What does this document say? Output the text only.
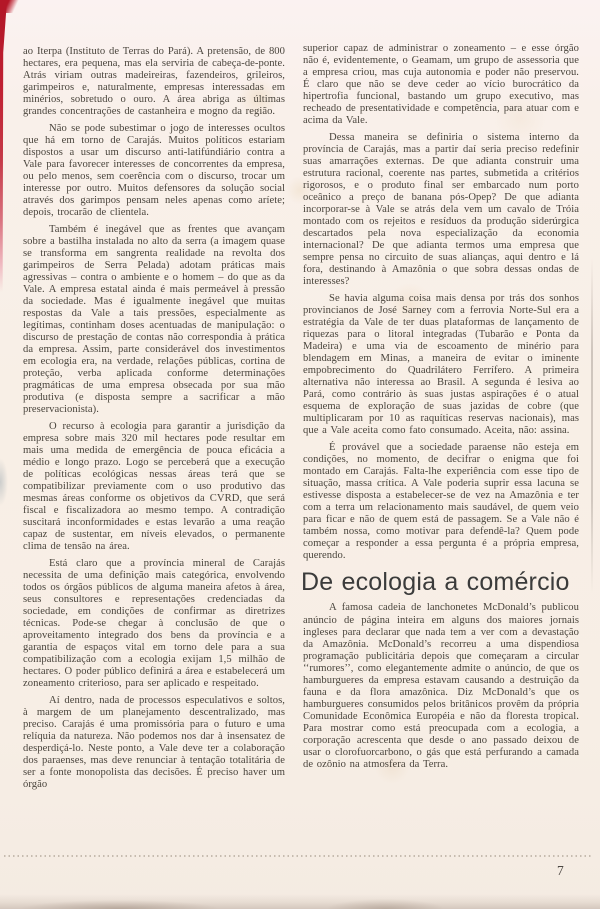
ao Iterpa (Instituto de Terras do Pará). A pretensão, de 800 hectares, era pequena, mas ela serviria de cabeça-de-ponte. Atrás viriam outras madeireiras, fazendeiros, grileiros, garimpeiros e, naturalmente, empresas interessadas em minérios, sobretudo o ouro. A área abriga as últimas grandes concentrações de castanheira e mogno da região.

Não se pode subestimar o jogo de interesses ocultos que há em torno de Carajás. Muitos políticos estariam dispostos a usar um discurso anti-latifúndiário contra a Vale para favorecer interesses de concorrentes da empresa, ou pelo menos, sem coerência com o discurso, trocar um interesse por outro. Muitos defensores da solução social através dos garimpos pensam neles apenas como aríete; depois, trocarão de clientela.

Também é inegável que as frentes que avançam sobre a bastilha instalada no alto da serra (a imagem quase se transforma em sangrenta realidade na revolta dos garimpeiros de Serra Pelada) adotam práticas mais agressivas – contra o ambiente e o homem – do que as da Vale. A empresa estatal ainda é mais permeável à pressão da sociedade. Mas é igualmente inegável que muitas respostas da Vale a tais pressões, especialmente as legítimas, continham doses acentuadas de manipulação: o discurso de prestação de contas não correspondia à prática da empresa. Assim, parte considerável dos investimentos em ecologia era, na verdade, relações públicas, cortina de proteção, verba aplicada conforme determinações pragmáticas de uma empresa obsecada por sua mão produtiva (e disposta sempre a sacrificar a mão preservacionista).

O recurso à ecologia para garantir a jurisdição da empresa sobre mais 320 mil hectares pode resultar em mais uma medida de emergência de pouca eficácia a médio e longo prazo. Logo se perceberá que a execução de políticas ecológicas nessas áreas terá que se compatibilizar previamente com o uso produtivo das mesmas áreas conforme os objetivos da CVRD, que será fiscal e fiscalizadora ao mesmo tempo. A contradição suscitará inconformidades e estas levarão a uma reação capaz de sustentar, em níveis elevados, o permanente clima de tensão na área.

Está claro que a província mineral de Carajás necessita de uma definição mais categórica, envolvendo todos os órgãos públicos de alguma maneira afetos à área, seus consultores e representações credenciadas da sociedade, em condições de confirmar as diretrizes técnicas. Pode-se chegar à conclusão de que o aproveitamento integrado dos bens da província e a garantia de espaços vital em torno dele para a sua compatibilização com a ecologia exijam 1,5 milhão de hectares. O poder público definirá a área e estabelecerá um zoneamento criterioso, para ser aplicado e respeitado.

Aí dentro, nada de processos especulativos e soltos, à margem de um planejamento descentralizado, mas preciso. Carajás é uma promissória para o futuro e uma relíquia da natureza. Não podemos nos dar à insensatez de desperdiçá-lo. Neste ponto, a Vale deve ter a colaboração dos paraenses, mas deve renunciar à tentação totalitária de ser a fonte monopolista das decisões. É preciso haver um órgão

superior capaz de administrar o zoneamento – e esse órgão não é, evidentemente, o Geamam, um grupo de assessoria que a empresa criou, mas cuja autonomia e poder não preservou. É claro que não se deve ceder ao vício burocrático da hipertrofia funcional, bastando um grupo executivo, mas recheado de presentatividade e competência, para atuar com e acima da Vale.

Dessa maneira se definiria o sistema interno da província de Carajás, mas a partir daí seria preciso redefinir suas amarrações externas. De que adianta construir uma estrutura racional, coerente nas partes, submetida a critérios rigorosos, e o produto final ser embarcado num porto oceânico a preço de banana pós-Opep? De que adianta incorporar-se à Vale se atrás dela vem um cavalo de Tróia montado com os rejeitos e resíduos da produção siderúrgica descartados pela nova especialização da economia internacional? De que adianta termos uma empresa que sempre pensa no circuito de suas alianças, aqui dentro e lá fora, destinando à Amazônia o que sobra dessas ondas de interesses?

Se havia alguma coisa mais densa por trás dos sonhos provincianos de José Sarney com a ferrovia Norte-Sul era a estratégia da Vale de ter duas plataformas de lançamento de riquezas para o litoral integradas (Tubarão e Ponta da Madeira) e uma via de escoamento de minério para blendagem em Minas, a maneira de evitar o iminente empobrecimento do Quadrilátero Ferrífero. A primeira alternativa não interessa ao Brasil. A segunda é lesiva ao Pará, como contrário às suas justas aspirações é o atual esquema de exploração de suas jazidas de cobre (que multiplicaram por 10 as raquíticas reservas nacionais), mas que a Vale aceita como fato consumado. Aceita, não: assina.

É provável que a sociedade paraense não esteja em condições, no momento, de decifrar o enigma que foi montado em Carajás. Falta-lhe experiência com esse tipo de situação, massa crítica. A Vale poderia suprir essa lacuna se estivesse disposta a estabelecer-se de vez na Amazônia e ter com a terra um relacionamento mais saudável, de quem veio para ficar e não de quem está de passagem. Se a Vale não é também nossa, como motivar para defendê-la? Quem pode começar a responder a essa pergunta é a própria empresa, querendo.

De ecologia a comércio

A famosa cadeia de lanchonetes McDonald’s publicou anúncio de página inteira em alguns dos maiores jornais ingleses para declarar que nada tem a ver com a devastação da Amazônia. McDonald’s recorreu a uma dispendiosa programação publicitária depois que começaram a circular ‘‘rumores’’, como elegantemente admite o anúncio, de que os hamburgueres da empresa estavam causando a destruição da fauna e da flora amazônica. Diz McDonald’s que os hamburgueres consumidos pelos britânicos provêm da própria Comunidade Econômica Européia e não da floresta tropical. Para mostrar como está preocupada com a ecologia, a corporação acrescenta que desde o ano passado deixou de usar o clorofuorcarbono, o gás que está perfurando a camada de ozônio na atmosfera da Terra.

7
